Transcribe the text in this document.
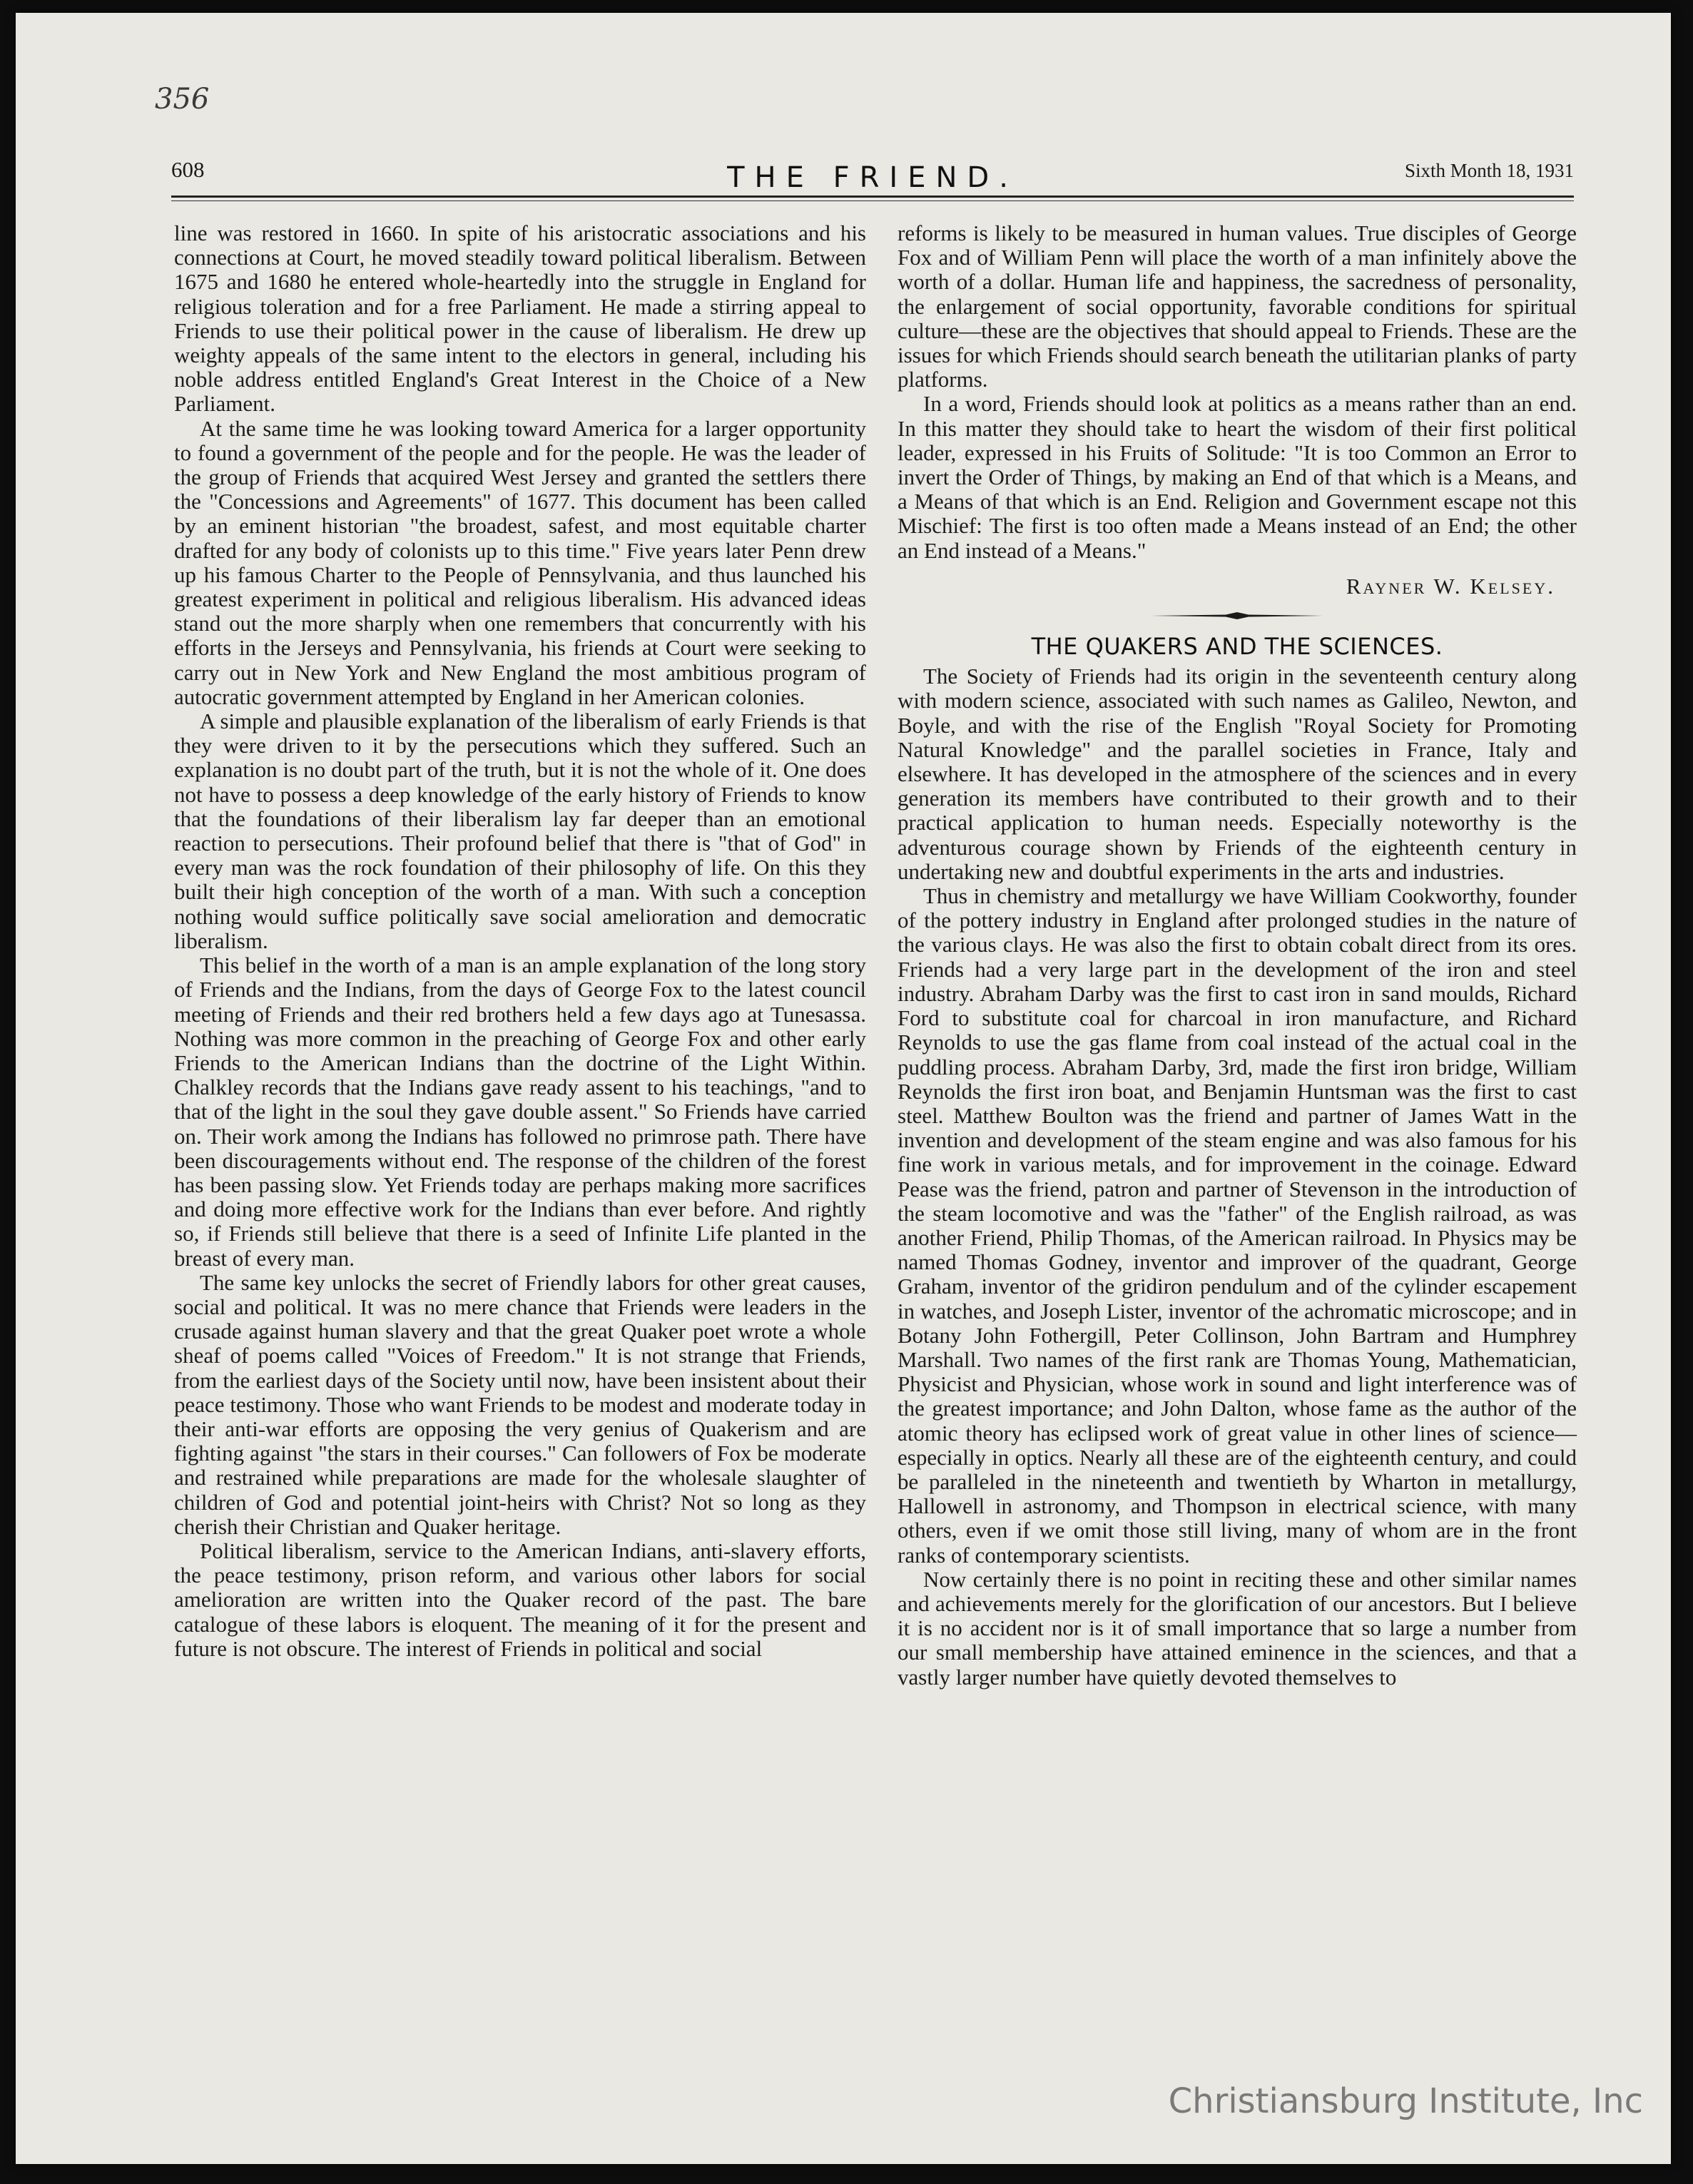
356
608	THE FRIEND.	Sixth Month 18, 1931

line was restored in 1660. In spite of his aristocratic associations and his connections at Court, he moved steadily toward political liberalism. Between 1675 and 1680 he entered whole-heartedly into the struggle in England for religious toleration and for a free Parliament. He made a stirring appeal to Friends to use their political power in the cause of liberalism. He drew up weighty appeals of the same intent to the electors in general, including his noble address entitled England's Great Interest in the Choice of a New Parliament.

At the same time he was looking toward America for a larger opportunity to found a government of the people and for the people. He was the leader of the group of Friends that acquired West Jersey and granted the settlers there the "Concessions and Agreements" of 1677. This document has been called by an eminent historian "the broadest, safest, and most equitable charter drafted for any body of colonists up to this time." Five years later Penn drew up his famous Charter to the People of Pennsylvania, and thus launched his greatest experiment in political and religious liberalism. His advanced ideas stand out the more sharply when one remembers that concurrently with his efforts in the Jerseys and Pennsylvania, his friends at Court were seeking to carry out in New York and New England the most ambitious program of autocratic government attempted by England in her American colonies.

A simple and plausible explanation of the liberalism of early Friends is that they were driven to it by the persecutions which they suffered. Such an explanation is no doubt part of the truth, but it is not the whole of it. One does not have to possess a deep knowledge of the early history of Friends to know that the foundations of their liberalism lay far deeper than an emotional reaction to persecutions. Their profound belief that there is "that of God" in every man was the rock foundation of their philosophy of life. On this they built their high conception of the worth of a man. With such a conception nothing would suffice politically save social amelioration and democratic liberalism.

This belief in the worth of a man is an ample explanation of the long story of Friends and the Indians, from the days of George Fox to the latest council meeting of Friends and their red brothers held a few days ago at Tunesassa. Nothing was more common in the preaching of George Fox and other early Friends to the American Indians than the doctrine of the Light Within. Chalkley records that the Indians gave ready assent to his teachings, "and to that of the light in the soul they gave double assent." So Friends have carried on. Their work among the Indians has followed no primrose path. There have been discouragements without end. The response of the children of the forest has been passing slow. Yet Friends today are perhaps making more sacrifices and doing more effective work for the Indians than ever before. And rightly so, if Friends still believe that there is a seed of Infinite Life planted in the breast of every man.

The same key unlocks the secret of Friendly labors for other great causes, social and political. It was no mere chance that Friends were leaders in the crusade against human slavery and that the great Quaker poet wrote a whole sheaf of poems called "Voices of Freedom." It is not strange that Friends, from the earliest days of the Society until now, have been insistent about their peace testimony. Those who want Friends to be modest and moderate today in their anti-war efforts are opposing the very genius of Quakerism and are fighting against "the stars in their courses." Can followers of Fox be moderate and restrained while preparations are made for the wholesale slaughter of children of God and potential joint-heirs with Christ? Not so long as they cherish their Christian and Quaker heritage.

Political liberalism, service to the American Indians, anti-slavery efforts, the peace testimony, prison reform, and various other labors for social amelioration are written into the Quaker record of the past. The bare catalogue of these labors is eloquent. The meaning of it for the present and future is not obscure. The interest of Friends in political and social

reforms is likely to be measured in human values. True disciples of George Fox and of William Penn will place the worth of a man infinitely above the worth of a dollar. Human life and happiness, the sacredness of personality, the enlargement of social opportunity, favorable conditions for spiritual culture—these are the objectives that should appeal to Friends. These are the issues for which Friends should search beneath the utilitarian planks of party platforms.

In a word, Friends should look at politics as a means rather than an end. In this matter they should take to heart the wisdom of their first political leader, expressed in his Fruits of Solitude: "It is too Common an Error to invert the Order of Things, by making an End of that which is a Means, and a Means of that which is an End. Religion and Government escape not this Mischief: The first is too often made a Means instead of an End; the other an End instead of a Means."

Rayner W. Kelsey.
THE QUAKERS AND THE SCIENCES.

The Society of Friends had its origin in the seventeenth century along with modern science, associated with such names as Galileo, Newton, and Boyle, and with the rise of the English "Royal Society for Promoting Natural Knowledge" and the parallel societies in France, Italy and elsewhere. It has developed in the atmosphere of the sciences and in every generation its members have contributed to their growth and to their practical application to human needs. Especially noteworthy is the adventurous courage shown by Friends of the eighteenth century in undertaking new and doubtful experiments in the arts and industries.

Thus in chemistry and metallurgy we have William Cookworthy, founder of the pottery industry in England after prolonged studies in the nature of the various clays. He was also the first to obtain cobalt direct from its ores. Friends had a very large part in the development of the iron and steel industry. Abraham Darby was the first to cast iron in sand moulds, Richard Ford to substitute coal for charcoal in iron manufacture, and Richard Reynolds to use the gas flame from coal instead of the actual coal in the puddling process. Abraham Darby, 3rd, made the first iron bridge, William Reynolds the first iron boat, and Benjamin Huntsman was the first to cast steel. Matthew Boulton was the friend and partner of James Watt in the invention and development of the steam engine and was also famous for his fine work in various metals, and for improvement in the coinage. Edward Pease was the friend, patron and partner of Stevenson in the introduction of the steam locomotive and was the "father" of the English railroad, as was another Friend, Philip Thomas, of the American railroad. In Physics may be named Thomas Godney, inventor and improver of the quadrant, George Graham, inventor of the gridiron pendulum and of the cylinder escapement in watches, and Joseph Lister, inventor of the achromatic microscope; and in Botany John Fothergill, Peter Collinson, John Bartram and Humphrey Marshall. Two names of the first rank are Thomas Young, Mathematician, Physicist and Physician, whose work in sound and light interference was of the greatest importance; and John Dalton, whose fame as the author of the atomic theory has eclipsed work of great value in other lines of science—especially in optics. Nearly all these are of the eighteenth century, and could be paralleled in the nineteenth and twentieth by Wharton in metallurgy, Hallowell in astronomy, and Thompson in electrical science, with many others, even if we omit those still living, many of whom are in the front ranks of contemporary scientists.

Now certainly there is no point in reciting these and other similar names and achievements merely for the glorification of our ancestors. But I believe it is no accident nor is it of small importance that so large a number from our small membership have attained eminence in the sciences, and that a vastly larger number have quietly devoted themselves to

Christiansburg Institute, Inc
